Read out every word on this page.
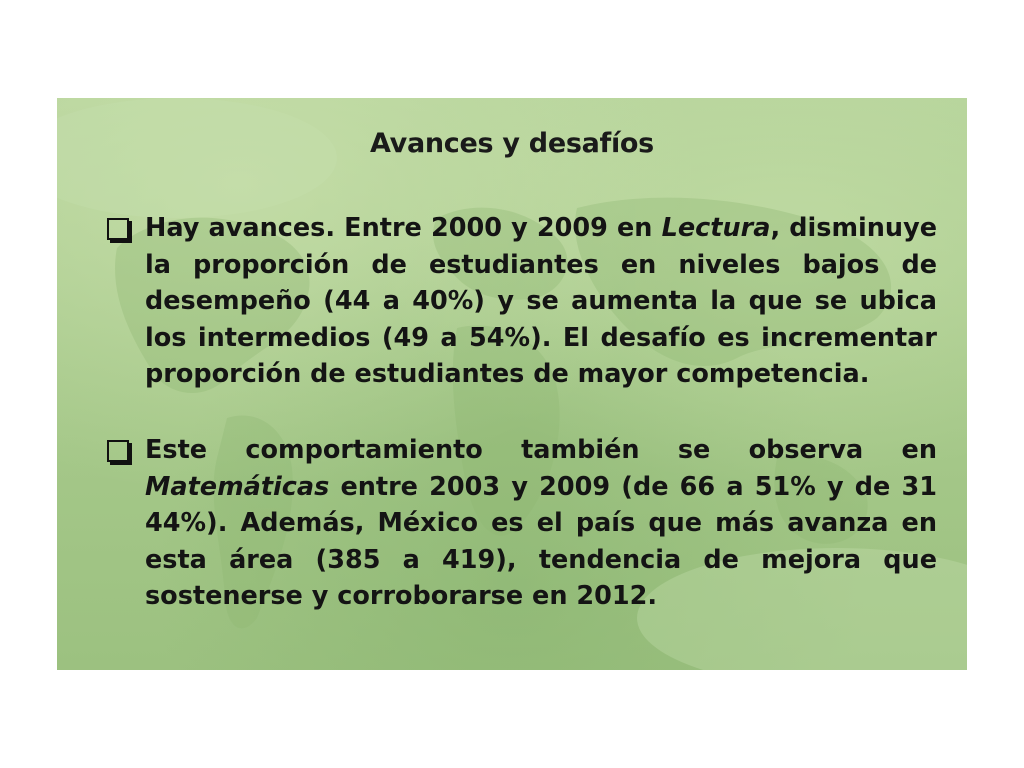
Avances y desafíos
Hay avances. Entre 2000 y 2009 en Lectura, disminuye
la proporción de estudiantes en niveles bajos de
desempeño (44 a 40%) y se aumenta la que se ubica
los intermedios (49 a 54%). El desafío es incrementar
proporción de estudiantes de mayor competencia.
Este comportamiento también se observa en
Matemáticas entre 2003 y 2009 (de 66 a 51% y de 31
44%). Además, México es el país que más avanza en
esta área (385 a 419), tendencia de mejora que
sostenerse y corroborarse en 2012.
